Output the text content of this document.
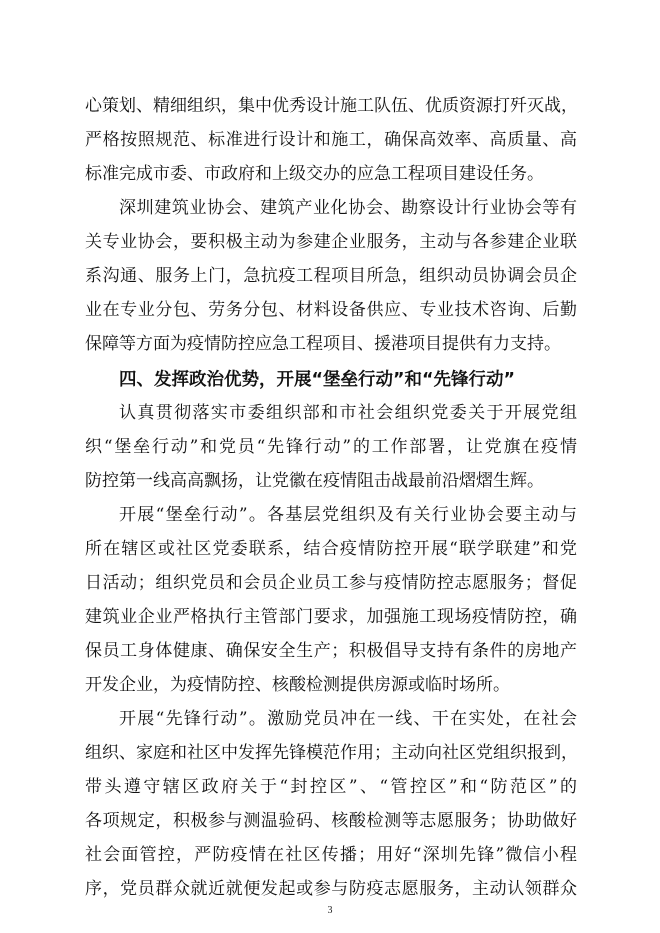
心策划、精细组织，集中优秀设计施工队伍、优质资源打歼灭战，
严格按照规范、标准进行设计和施工，确保高效率、高质量、高
标准完成市委、市政府和上级交办的应急工程项目建设任务。
深圳建筑业协会、建筑产业化协会、勘察设计行业协会等有
关专业协会，要积极主动为参建企业服务，主动与各参建企业联
系沟通、服务上门，急抗疫工程项目所急，组织动员协调会员企
业在专业分包、劳务分包、材料设备供应、专业技术咨询、后勤
保障等方面为疫情防控应急工程项目、援港项目提供有力支持。
四、发挥政治优势，开展“堡垒行动”和“先锋行动”
认真贯彻落实市委组织部和市社会组织党委关于开展党组
织“堡垒行动”和党员“先锋行动”的工作部署，让党旗在疫情
防控第一线高高飘扬，让党徽在疫情阻击战最前沿熠熠生辉。
开展“堡垒行动”。各基层党组织及有关行业协会要主动与
所在辖区或社区党委联系，结合疫情防控开展“联学联建”和党
日活动；组织党员和会员企业员工参与疫情防控志愿服务；督促
建筑业企业严格执行主管部门要求，加强施工现场疫情防控，确
保员工身体健康、确保安全生产；积极倡导支持有条件的房地产
开发企业，为疫情防控、核酸检测提供房源或临时场所。
开展“先锋行动”。激励党员冲在一线、干在实处，在社会
组织、家庭和社区中发挥先锋模范作用；主动向社区党组织报到，
带头遵守辖区政府关于“封控区”、“管控区”和“防范区”的
各项规定，积极参与测温验码、核酸检测等志愿服务；协助做好
社会面管控，严防疫情在社区传播；用好“深圳先锋”微信小程
序，党员群众就近就便发起或参与防疫志愿服务，主动认领群众
3
